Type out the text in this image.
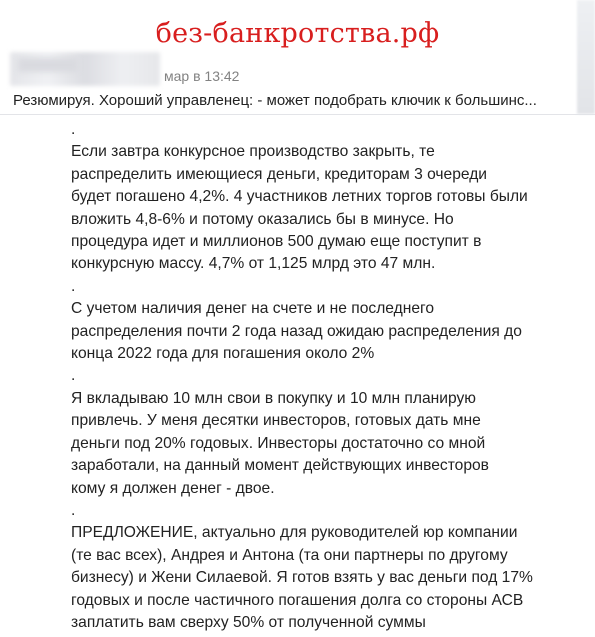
без-банкротства.рф
мар в 13:42
Резюмируя. Хороший управленец: - может подобрать ключик к большинс...

.

Если завтра конкурсное производство закрыть, те

распределить имеющиеся деньги, кредиторам 3 очереди

будет погашено 4,2%. 4 участников летних торгов готовы были

вложить 4,8-6% и потому оказались бы в минусе. Но

процедура идет и миллионов 500 думаю еще поступит в

конкурсную массу. 4,7% от 1,125 млрд это 47 млн.

.

С учетом наличия денег на счете и не последнего

распределения почти 2 года назад ожидаю распределения до

конца 2022 года для погашения около 2%

.

Я вкладываю 10 млн свои в покупку и 10 млн планирую

привлечь. У меня десятки инвесторов, готовых дать мне

деньги под 20% годовых. Инвесторы достаточно со мной

заработали, на данный момент действующих инвесторов

кому я должен денег - двое.

.

ПРЕДЛОЖЕНИЕ, актуально для руководителей юр компании

(те вас всех), Андрея и Антона (та они партнеры по другому

бизнесу) и Жени Силаевой. Я готов взять у вас деньги под 17%

годовых и после частичного погашения долга со стороны АСВ

заплатить вам сверху 50% от полученной суммы
